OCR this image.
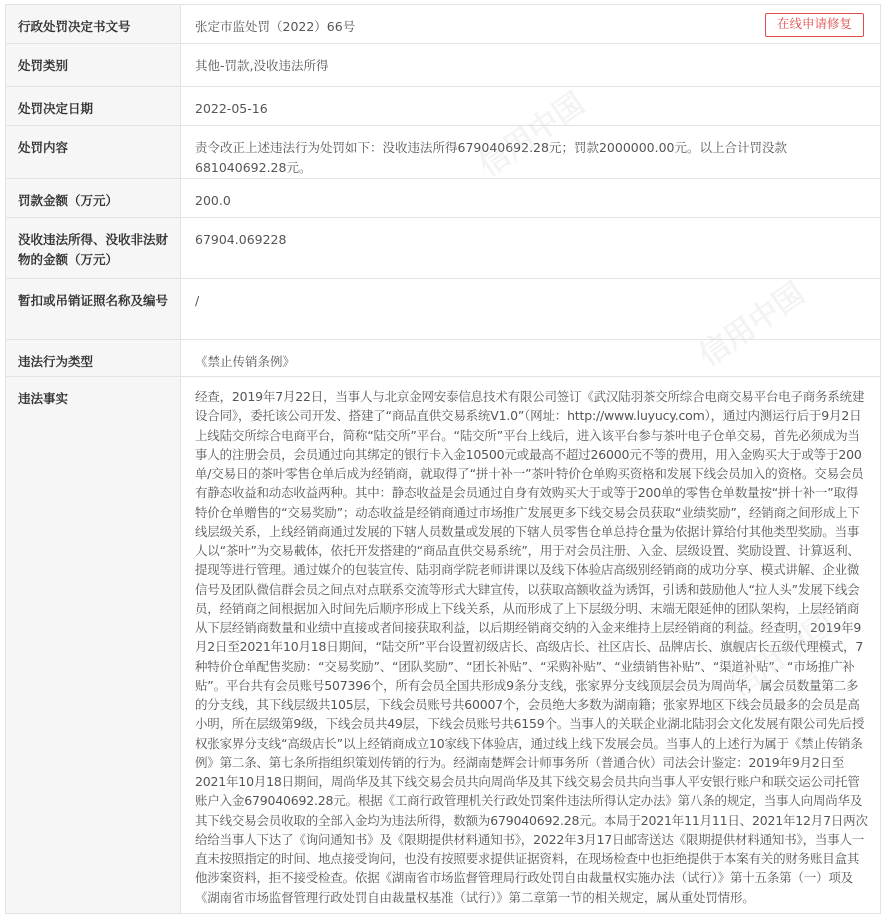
行政处罚决定书文号	张定市监处罚（2022）66号 在线申请修复

处罚类别	其他-罚款,没收违法所得

处罚决定日期	2022-05-16

处罚内容	责令改正上述违法行为处罚如下：没收违法所得679040692.28元；罚款2000000.00元。以上合计罚没款681040692.28元。

罚款金额（万元）	200.0

没收违法所得、没收非法财物的金额（万元）	67904.069228

暂扣或吊销证照名称及编号	/

违法行为类型	《禁止传销条例》

违法事实	经查，2019年7月22日，当事人与北京金网安泰信息技术有限公司签订《武汉陆羽茶交所综合电商交易平台电子商务系统建设合同》，委托该公司开发、搭建了“商品直供交易系统V1.0”（网址：http://www.luyucy.com），通过内测运行后于9月2日上线陆交所综合电商平台，简称“陆交所”平台。“陆交所”平台上线后，进入该平台参与茶叶电子仓单交易，首先必须成为当事人的注册会员，会员通过向其绑定的银行卡入金10500元或最高不超过26000元不等的费用，用入金购买大于或等于200单/交易日的茶叶零售仓单后成为经销商，就取得了“拼十补一”茶叶特价仓单购买资格和发展下线会员加入的资格。交易会员有静态收益和动态收益两种。其中：静态收益是会员通过自身有效购买大于或等于200单的零售仓单数量按“拼十补一”取得特价仓单赠售的“交易奖励”；动态收益是经销商通过市场推广发展更多下线交易会员获取“业绩奖励”，经销商之间形成上下线层级关系，上线经销商通过发展的下辖人员数量或发展的下辖人员零售仓单总持仓量为依据计算给付其他类型奖励。当事人以“茶叶”为交易載体，依托开发搭建的“商品直供交易系统”，用于对会员注册、入金、层级设置、奖励设置、计算返利、提现等进行管理。通过媒介的包装宣传、陆羽商学院老师讲课以及线下体验店高级别经销商的成功分享、模式讲解、企业微信号及团队微信群会员之间点对点联系交流等形式大肆宣传，以获取高额收益为诱饵，引诱和鼓励他人“拉人头”发展下线会员，经销商之间根据加入时间先后顺序形成上下线关系，从而形成了上下层级分明、末端无限延伸的团队架构，上层经销商从下层经销商数量和业绩中直接或者间接获取利益，以后期经销商交纳的入金来维持上层经销商的利益。经查明，2019年9月2日至2021年10月18日期间，“陆交所”平台设置初级店长、高级店长、社区店长、品牌店长、旗舰店长五级代理模式，7种特价仓单配售奖励：“交易奖励”、“团队奖励”、“团长补贴”、“采购补贴”、“业绩销售补贴”、“渠道补贴”、“市场推广补贴”。平台共有会员账号507396个，所有会员全国共形成9条分支线，张家界分支线顶层会员为周尚华，属会员数量第二多的分支线，其下线层级共105层，下线会员账号共60007个，会员绝大多数为湖南籍；张家界地区下线会员最多的会员是高小明，所在层级第9级，下线会员共49层，下线会员账号共6159个。当事人的关联企业湖北陆羽会文化发展有限公司先后授权张家界分支线“高级店长”以上经销商成立10家线下体验店，通过线上线下发展会员。当事人的上述行为属于《禁止传销条例》第二条、第七条所指组织策划传销的行为。经湖南楚辉会计师事务所（普通合伙）司法会计鉴定：2019年9月2日至2021年10月18日期间，周尚华及其下线交易会员共向周尚华及其下线交易会员共向当事人平安银行账户和联交运公司托管账户入金679040692.28元。根据《工商行政管理机关行政处罚案件违法所得认定办法》第八条的规定，当事人向周尚华及其下线交易会员收取的全部入金均为违法所得，数额为679040692.28元。本局于2021年11月11日、2021年12月7日两次给给当事人下达了《询问通知书》及《限期提供材料通知书》，2022年3月17日邮寄送达《限期提供材料通知书》，当事人一直未按照指定的时间、地点接受询问，也没有按照要求提供证据资料，在现场检查中也拒绝提供于本案有关的财务账目盒其他涉案资料，拒不接受检查。依据《湖南省市场监督管理局行政处罚自由裁量权实施办法（试行）》第十五条第（一）项及《湖南省市场监督管理行政处罚自由裁量权基准（试行）》第二章第一节的相关规定，属从重处罚情形。
信用中国
信用中国
信用中国
